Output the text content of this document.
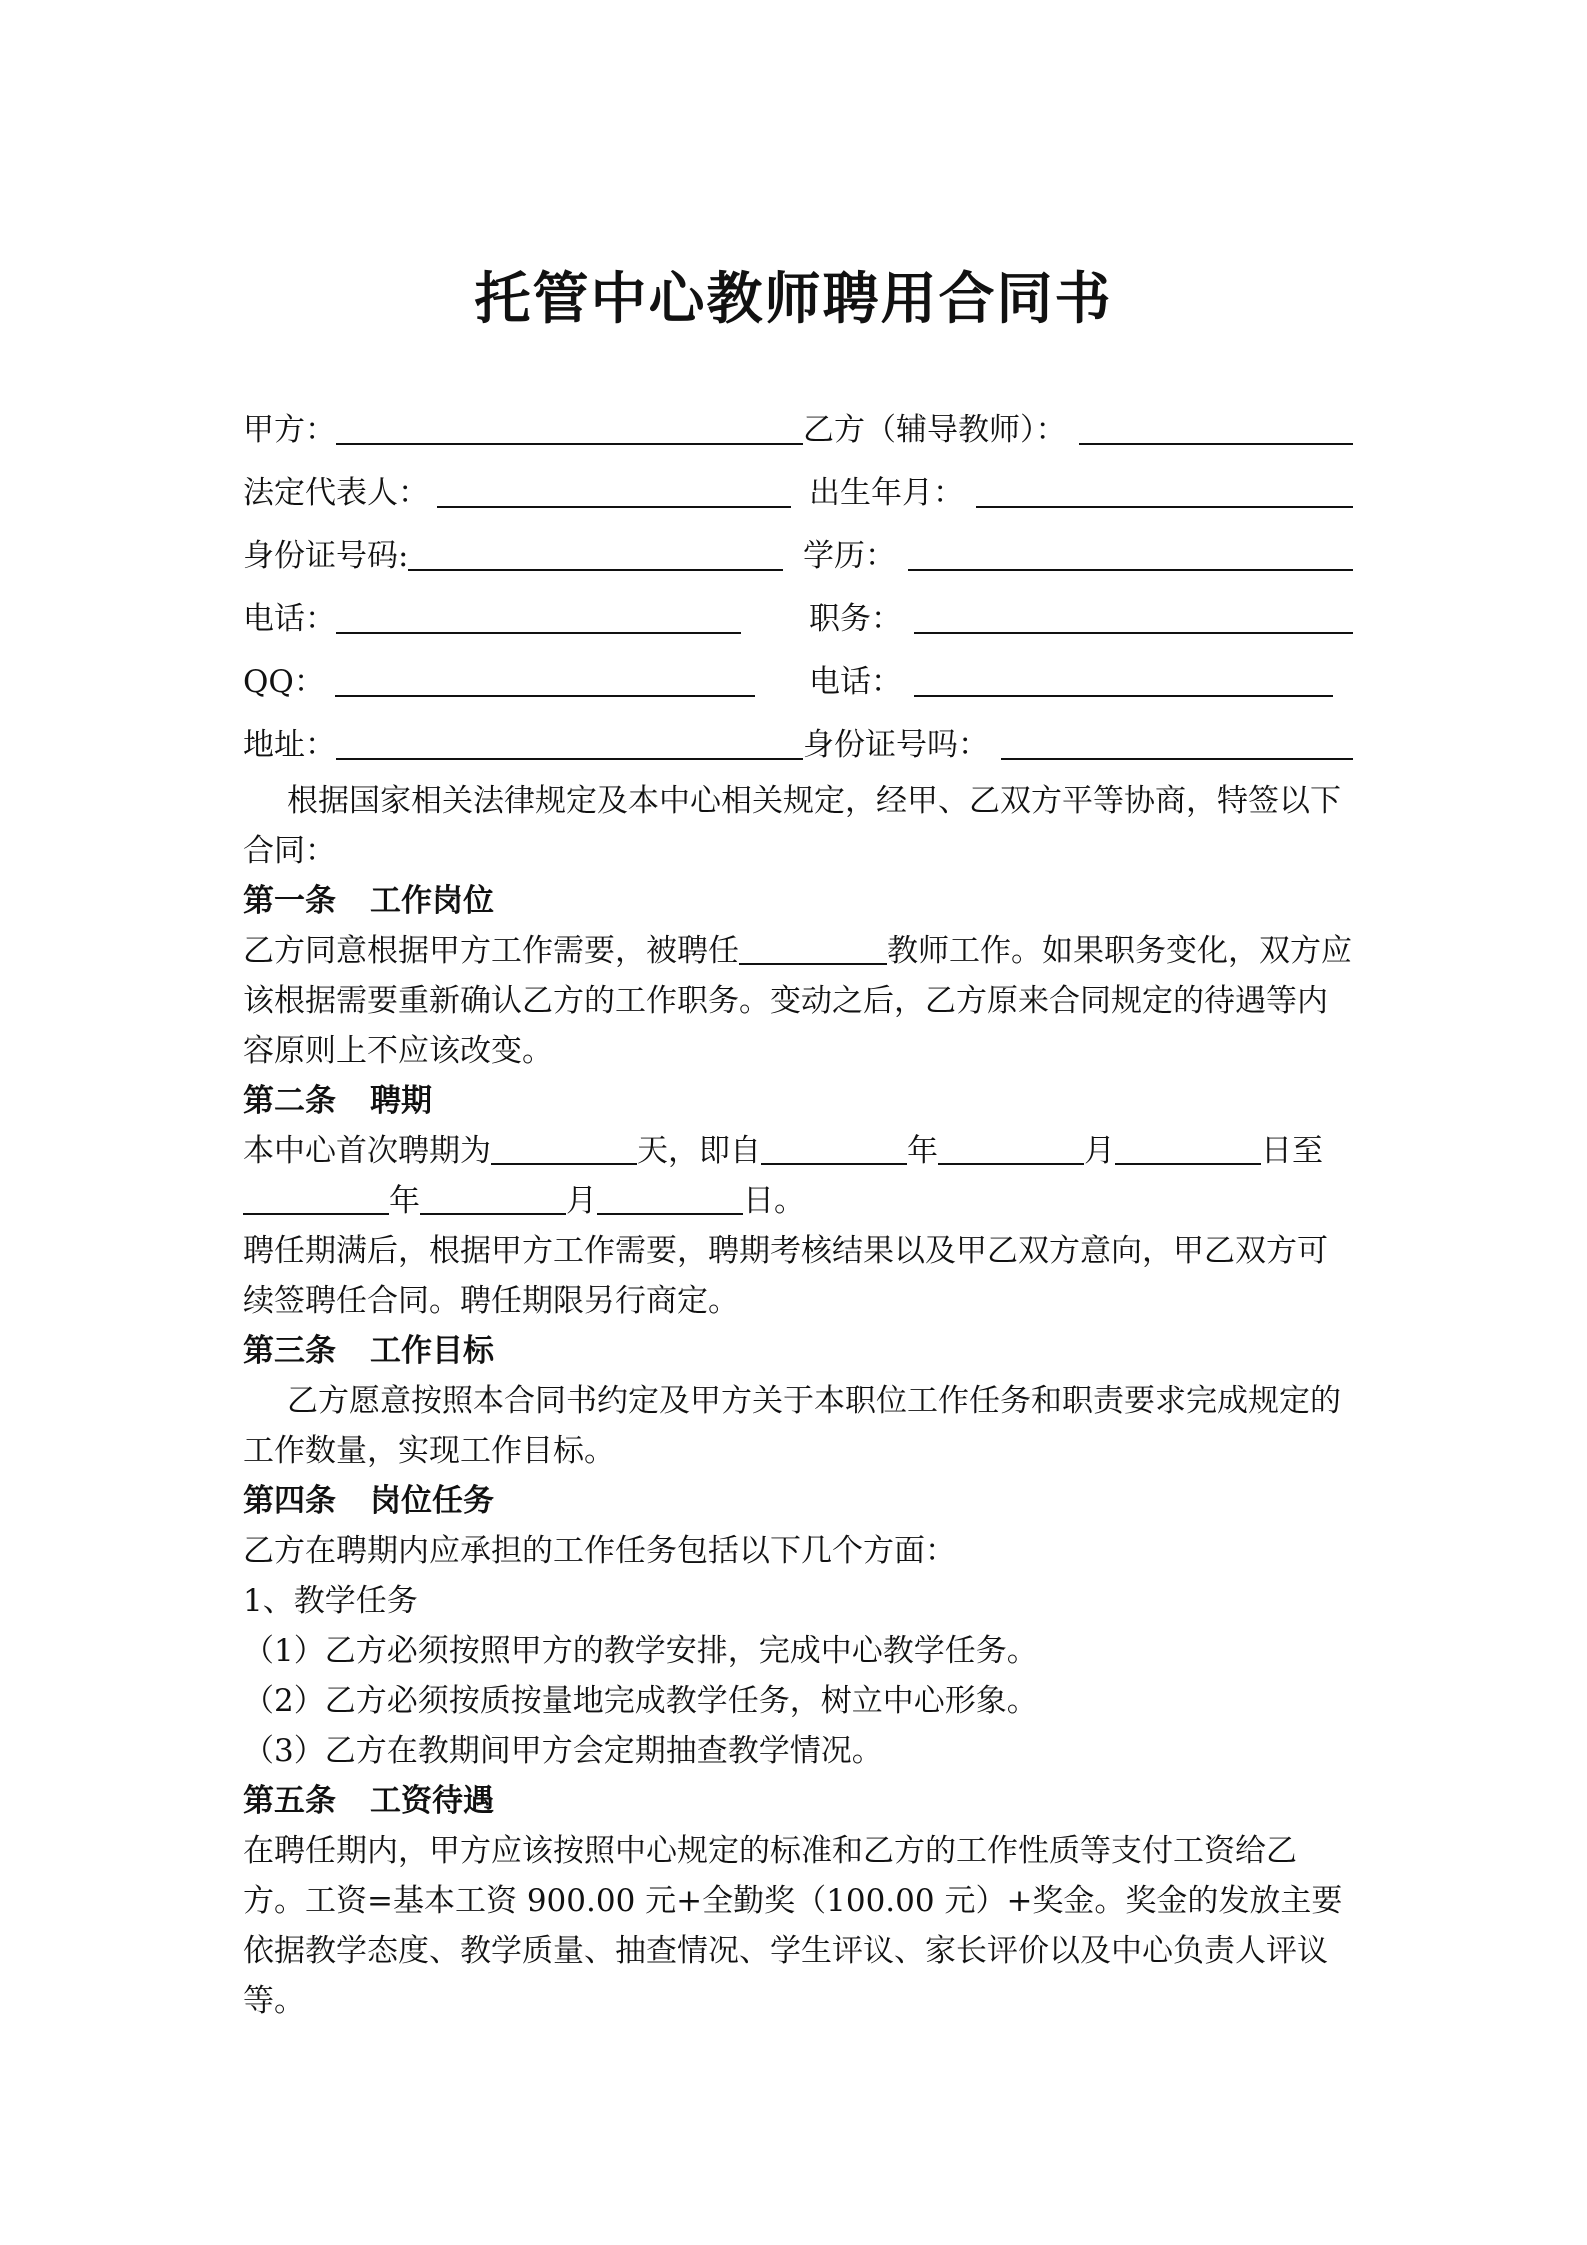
托管中心教师聘用合同书
甲方：	乙方（辅导教师）：
法定代表人：	出生年月：
身份证号码:	学历：
电话：	职务：
QQ：	电话：
地址：	身份证号吗：

根据国家相关法律规定及本中心相关规定，经甲、乙双方平等协商，特签以下合同：

第一条 工作岗位

乙方同意根据甲方工作需要，被聘任	教师工作。如果职务变化，双方应该根据需要重新确认乙方的工作职务。变动之后，乙方原来合同规定的待遇等内容原则上不应该改变。

第二条 聘期

本中心首次聘期为	天，即自	年	月	日至

年	月	日。

聘任期满后，根据甲方工作需要，聘期考核结果以及甲乙双方意向，甲乙双方可续签聘任合同。聘任期限另行商定。

第三条 工作目标

乙方愿意按照本合同书约定及甲方关于本职位工作任务和职责要求完成规定的工作数量，实现工作目标。

第四条 岗位任务

乙方在聘期内应承担的工作任务包括以下几个方面：

1、教学任务

（1）乙方必须按照甲方的教学安排，完成中心教学任务。

（2）乙方必须按质按量地完成教学任务，树立中心形象。

（3）乙方在教期间甲方会定期抽查教学情况。

第五条 工资待遇

在聘任期内，甲方应该按照中心规定的标准和乙方的工作性质等支付工资给乙方。工资=基本工资 900.00 元+全勤奖（100.00 元）+奖金。奖金的发放主要依据教学态度、教学质量、抽查情况、学生评议、家长评价以及中心负责人评议等。
